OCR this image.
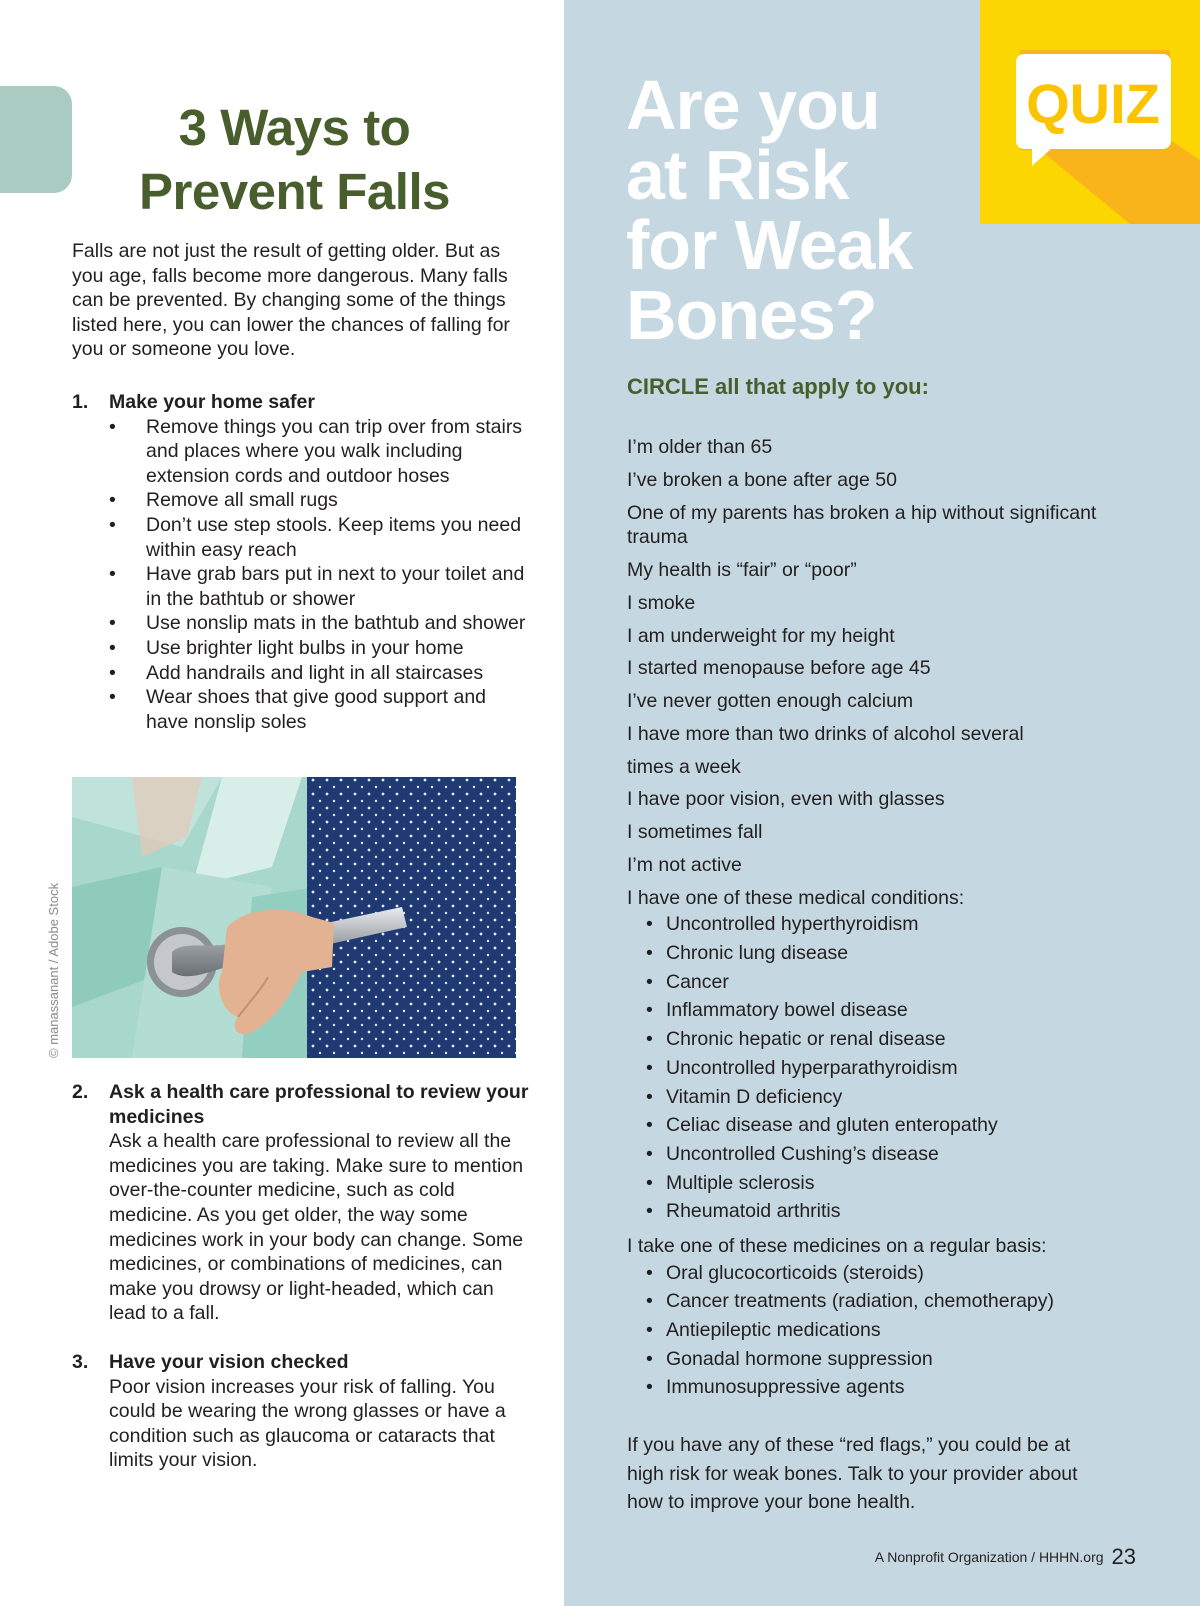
3 Ways to
Prevent Falls

Falls are not just the result of getting older. But as you age, falls become more dangerous. Many falls can be prevented. By changing some of the things listed here, you can lower the chances of falling for you or someone you love.

1. Make your home safer
• Remove things you can trip over from stairs and places where you walk including extension cords and outdoor hoses
• Remove all small rugs
• Don’t use step stools. Keep items you need within easy reach
• Have grab bars put in next to your toilet and in the bathtub or shower
• Use nonslip mats in the bathtub and shower
• Use brighter light bulbs in your home
• Add handrails and light in all staircases
• Wear shoes that give good support and have nonslip soles
© manassanant / Adobe Stock
2. Ask a health care professional to review your medicines
Ask a health care professional to review all the medicines you are taking. Make sure to mention over-the-counter medicine, such as cold medicine. As you get older, the way some medicines work in your body can change. Some medicines, or combinations of medicines, can make you drowsy or light-headed, which can lead to a fall.
3. Have your vision checked
Poor vision increases your risk of falling. You could be wearing the wrong glasses or have a condition such as glaucoma or cataracts that limits your vision.
QUIZ
Are you
at Risk
for Weak
Bones?
CIRCLE all that apply to you:
I’m older than 65
I’ve broken a bone after age 50
One of my parents has broken a hip without significant trauma
My health is “fair” or “poor”
I smoke
I am underweight for my height
I started menopause before age 45
I’ve never gotten enough calcium
I have more than two drinks of alcohol several
times a week
I have poor vision, even with glasses
I sometimes fall
I’m not active
I have one of these medical conditions:
• Uncontrolled hyperthyroidism
• Chronic lung disease
• Cancer
• Inflammatory bowel disease
• Chronic hepatic or renal disease
• Uncontrolled hyperparathyroidism
• Vitamin D deficiency
• Celiac disease and gluten enteropathy
• Uncontrolled Cushing’s disease
• Multiple sclerosis
• Rheumatoid arthritis
I take one of these medicines on a regular basis:
• Oral glucocorticoids (steroids)
• Cancer treatments (radiation, chemotherapy)
• Antiepileptic medications
• Gonadal hormone suppression
• Immunosuppressive agents
If you have any of these “red flags,” you could be at high risk for weak bones. Talk to your provider about how to improve your bone health.
A Nonprofit Organization / HHHN.org 23
